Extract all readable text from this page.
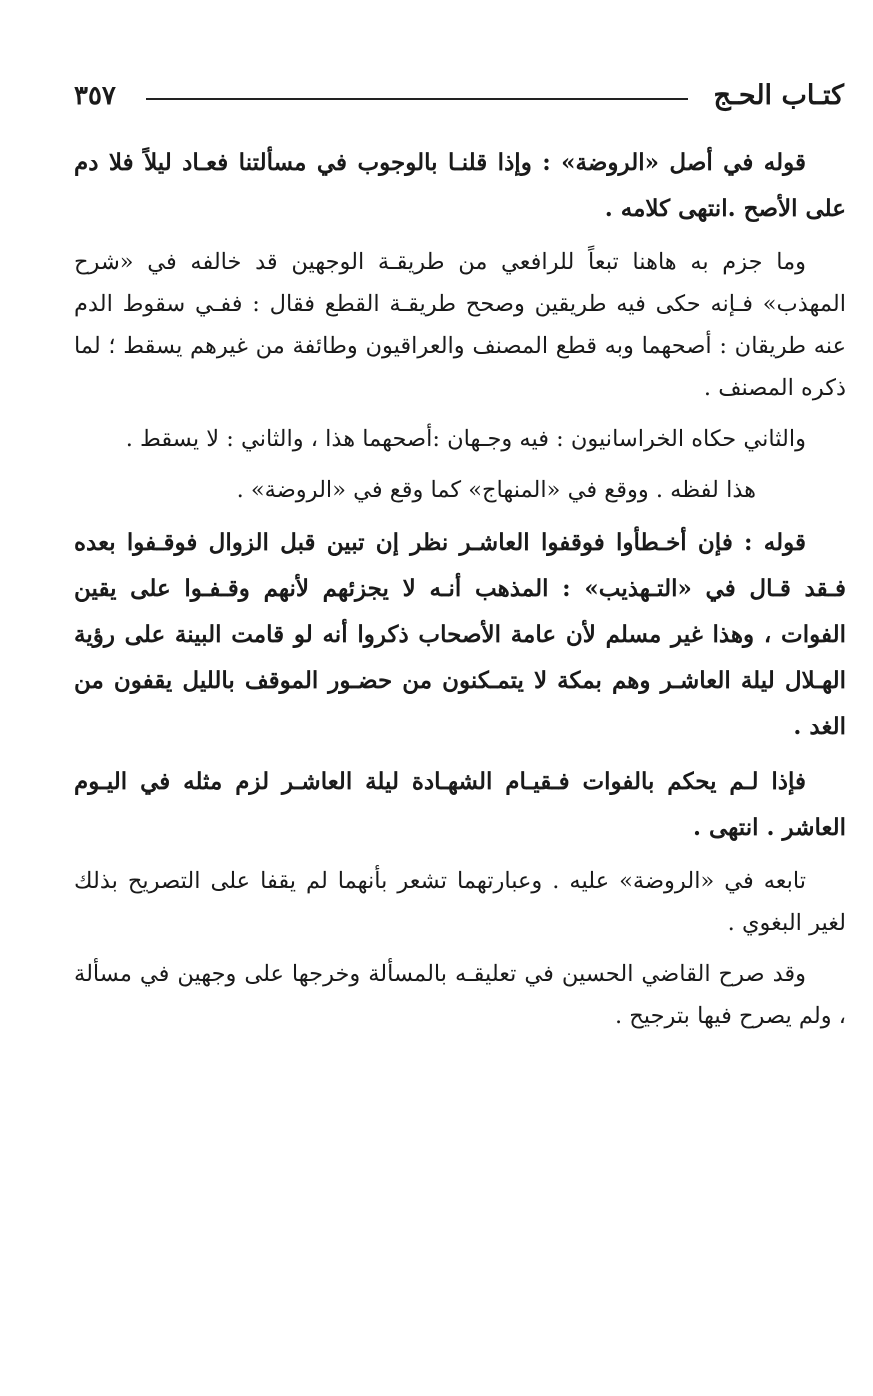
كتـاب الحـج
٣٥٧

قوله في أصل «الروضة» : وإذا قلنـا بالوجوب في مسألتنا فعـاد ليلاً فلا دم على الأصح .انتهى كلامه .

وما جزم به هاهنا تبعاً للرافعي من طريقـة الوجهين قد خالفه في «شرح المهذب» فـإنه حكى فيه طريقين وصحح طريقـة القطع فقال : ففـي سقوط الدم عنه طريقان : أصحهما وبه قطع المصنف والعراقيون وطائفة من غيرهم يسقط ؛ لما ذكره المصنف .

والثاني حكاه الخراسانيون : فيه وجـهان :أصحهما هذا ، والثاني : لا يسقط .

هذا لفظه . ووقع في «المنهاج» كما وقع في «الروضة» .

قوله : فإن أخـطأوا فوقفوا العاشـر نظر إن تبين قبل الزوال فوقـفوا بعده فـقد قـال في «التـهذيب» : المذهب أنـه لا يجزئهم لأنهم وقـفـوا على يقين الفوات ، وهذا غير مسلم لأن عامة الأصحاب ذكروا أنه لو قامت البينة على رؤية الهـلال ليلة العاشـر وهم بمكة لا يتمـكنون من حضـور الموقف بالليل يقفون من الغد .

فإذا لـم يحكم بالفوات فـقيـام الشهـادة ليلة العاشـر لزم مثله في اليـوم العاشر . انتهى .

تابعه في «الروضة» عليه . وعبارتهما تشعر بأنهما لم يقفا على التصريح بذلك لغير البغوي .

وقد صرح القاضي الحسين في تعليقـه بالمسألة وخرجها على وجهين في مسألة ، ولم يصرح فيها بترجيح .
